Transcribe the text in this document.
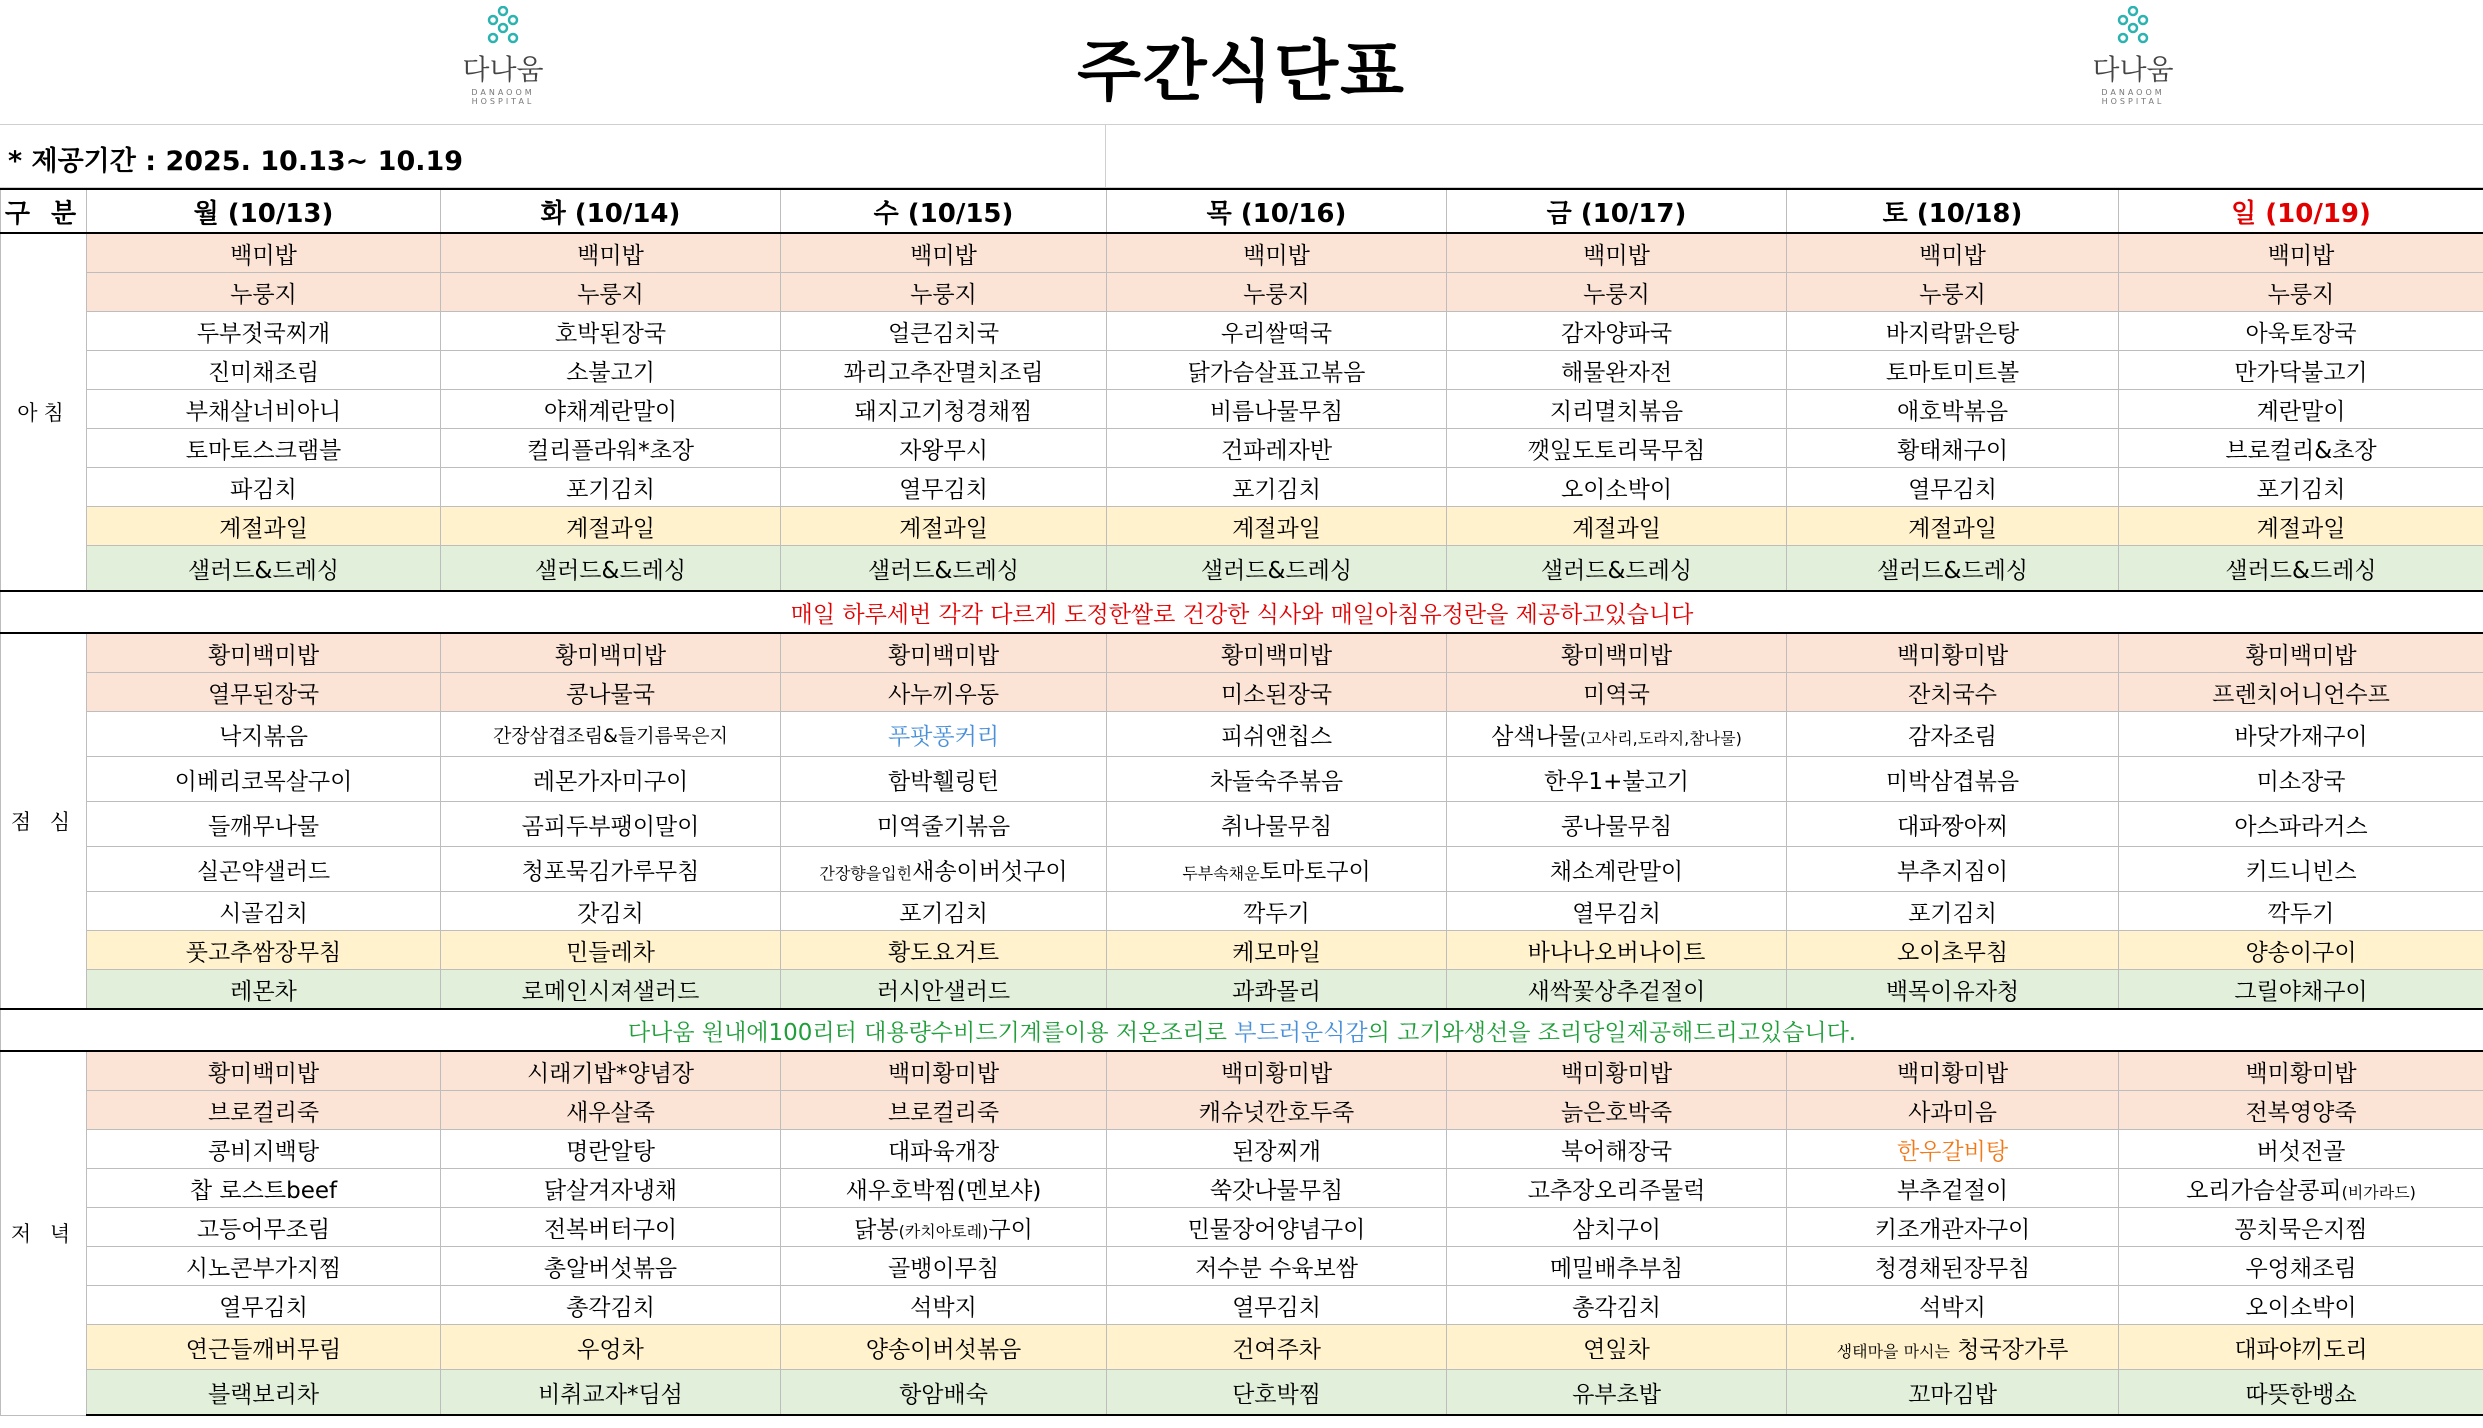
다나움
DANAOOM HOSPITAL	주간식단표	다나움
DANAOOM HOSPITAL
* 제공기간 : 2025. 10.13~ 10.19
구 분	월 (10/13)	화 (10/14)	수 (10/15)	목 (10/16)	금 (10/17)	토 (10/18)	일 (10/19)
아침	백미밥	백미밥	백미밥	백미밥	백미밥	백미밥	백미밥
	누룽지	누룽지	누룽지	누룽지	누룽지	누룽지	누룽지
	두부젓국찌개	호박된장국	얼큰김치국	우리쌀떡국	감자양파국	바지락맑은탕	아욱토장국
	진미채조림	소불고기	꽈리고추잔멸치조림	닭가슴살표고볶음	해물완자전	토마토미트볼	만가닥불고기
	부채살너비아니	야채계란말이	돼지고기청경채찜	비름나물무침	지리멸치볶음	애호박볶음	계란말이
	토마토스크램블	컬리플라워*초장	자왕무시	건파레자반	깻잎도토리묵무침	황태채구이	브로컬리&초장
	파김치	포기김치	열무김치	포기김치	오이소박이	열무김치	포기김치
	계절과일	계절과일	계절과일	계절과일	계절과일	계절과일	계절과일
	샐러드&드레싱	샐러드&드레싱	샐러드&드레싱	샐러드&드레싱	샐러드&드레싱	샐러드&드레싱	샐러드&드레싱
매일 하루세번 각각 다르게 도정한쌀로 건강한 식사와 매일아침유정란을 제공하고있습니다							
점 심	황미백미밥	황미백미밥	황미백미밥	황미백미밥	황미백미밥	백미황미밥	황미백미밥
	열무된장국	콩나물국	사누끼우동	미소된장국	미역국	잔치국수	프렌치어니언수프
	낙지볶음	간장삼겹조림&들기름묵은지	푸팟퐁커리	피쉬앤칩스	삼색나물(고사리,도라지,참나물)	감자조림	바닷가재구이
	이베리코목살구이	레몬가자미구이	함박휄링턴	차돌숙주볶음	한우1+불고기	미박삼겹볶음	미소장국
	들깨무나물	곰피두부팽이말이	미역줄기볶음	취나물무침	콩나물무침	대파짱아찌	아스파라거스
	실곤약샐러드	청포묵김가루무침	간장향을입힌새송이버섯구이	두부속채운토마토구이	채소계란말이	부추지짐이	키드니빈스
	시골김치	갓김치	포기김치	깍두기	열무김치	포기김치	깍두기
	풋고추쌈장무침	민들레차	황도요거트	케모마일	바나나오버나이트	오이초무침	양송이구이
	레몬차	로메인시져샐러드	러시안샐러드	과콰몰리	새싹꽃상추겉절이	백목이유자청	그릴야채구이
다나움 원내에100리터 대용량수비드기계를이용 저온조리로 부드러운식감의 고기와생선을 조리당일제공해드리고있습니다.							
저 녁	황미백미밥	시래기밥*양념장	백미황미밥	백미황미밥	백미황미밥	백미황미밥	백미황미밥
	브로컬리죽	새우살죽	브로컬리죽	캐슈넛깐호두죽	늙은호박죽	사과미음	전복영양죽
	콩비지백탕	명란알탕	대파육개장	된장찌개	북어해장국	한우갈비탕	버섯전골
	찹 로스트beef	닭살겨자냉채	새우호박찜(멘보샤)	쑥갓나물무침	고추장오리주물럭	부추겉절이	오리가슴살콩피(비가라드)
	고등어무조림	전복버터구이	닭봉(카치아토레)구이	민물장어양념구이	삼치구이	키조개관자구이	꽁치묵은지찜
	시노콘부가지찜	총알버섯볶음	골뱅이무침	저수분 수육보쌈	메밀배추부침	청경채된장무침	우엉채조림
	열무김치	총각김치	석박지	열무김치	총각김치	석박지	오이소박이
	연근들깨버무림	우엉차	양송이버섯볶음	건여주차	연잎차	생태마을 마시는 청국장가루	대파야끼도리
	블랙보리차	비취교자*딤섬	항암배숙	단호박찜	유부초밥	꼬마김밥	따뜻한뱅쇼
